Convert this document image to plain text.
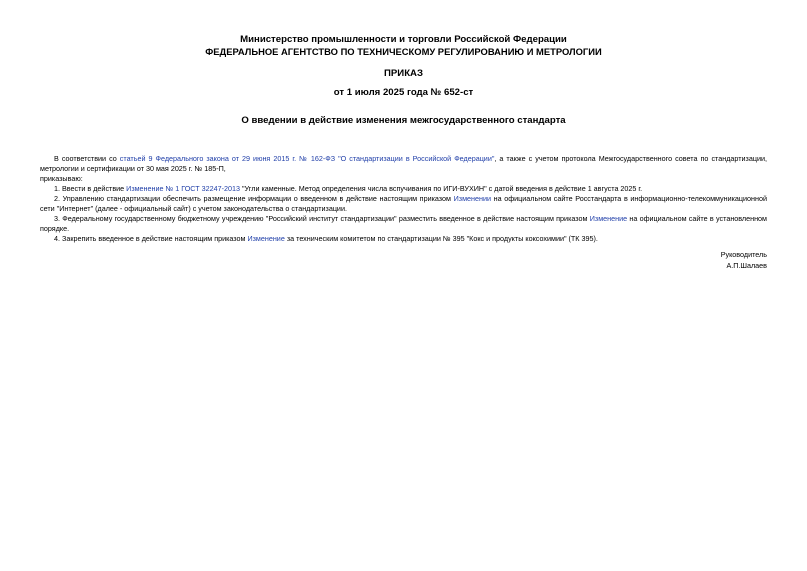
Министерство промышленности и торговли Российской Федерации
ФЕДЕРАЛЬНОЕ АГЕНТСТВО ПО ТЕХНИЧЕСКОМУ РЕГУЛИРОВАНИЮ И МЕТРОЛОГИИ
ПРИКАЗ
от 1 июля 2025 года № 652-ст
О введении в действие изменения межгосударственного стандарта

В соответствии со статьей 9 Федерального закона от 29 июня 2015 г. № 162-ФЗ "О стандартизации в Российской Федерации", а также с учетом протокола Межгосударственного совета по стандартизации, метрологии и сертификации от 30 мая 2025 г. № 185-П,

приказываю:

1. Ввести в действие Изменение № 1 ГОСТ 32247-2013 "Угли каменные. Метод определения числа вспучивания по ИГИ-ВУХИН" с датой введения в действие 1 августа 2025 г.

2. Управлению стандартизации обеспечить размещение информации о введенном в действие настоящим приказом Изменении на официальном сайте Росстандарта в информационно-телекоммуникационной сети "Интернет" (далее - официальный сайт) с учетом законодательства о стандартизации.

3. Федеральному государственному бюджетному учреждению "Российский институт стандартизации" разместить введенное в действие настоящим приказом Изменение на официальном сайте в установленном порядке.

4. Закрепить введенное в действие настоящим приказом Изменение за техническим комитетом по стандартизации № 395 "Кокс и продукты коксохимии" (ТК 395).

Руководитель
А.П.Шалаев
